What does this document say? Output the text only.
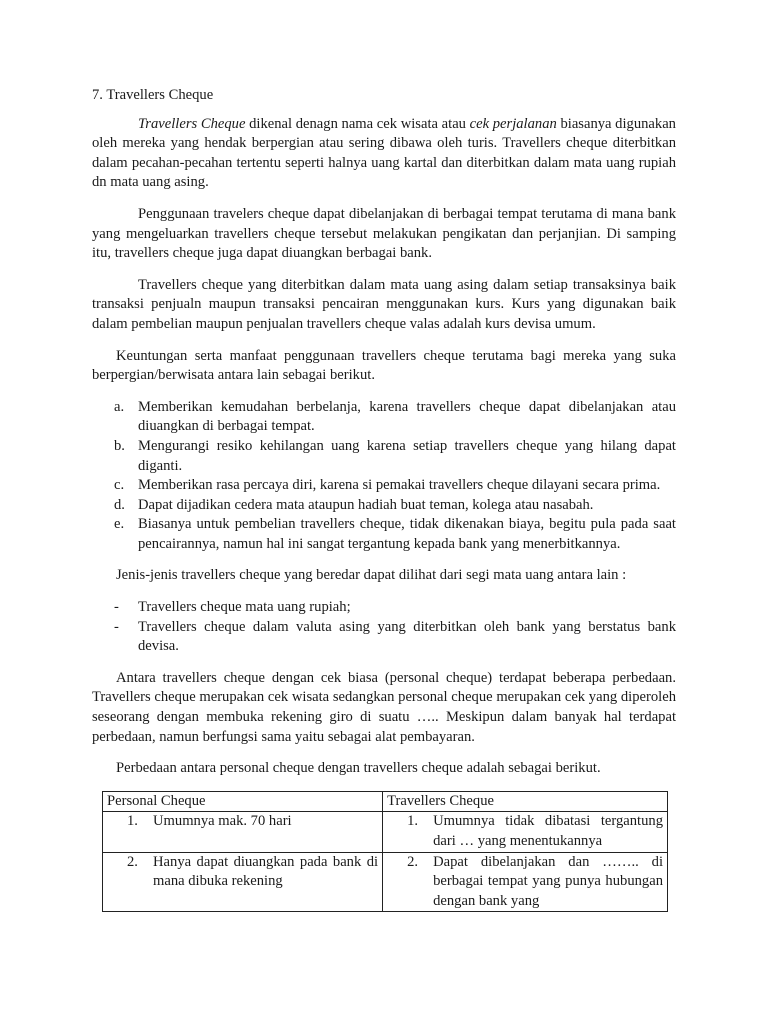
7. Travellers Cheque

Travellers Cheque dikenal denagn nama cek wisata atau cek perjalanan biasanya digunakan oleh mereka yang hendak berpergian atau sering dibawa oleh turis. Travellers cheque diterbitkan dalam pecahan-pecahan tertentu seperti halnya uang kartal dan diterbitkan dalam mata uang rupiah dn mata uang asing.

Penggunaan travelers cheque dapat dibelanjakan di berbagai tempat terutama di mana bank yang mengeluarkan travellers cheque tersebut melakukan pengikatan dan perjanjian. Di samping itu, travellers cheque juga dapat diuangkan berbagai bank.

Travellers cheque yang diterbitkan dalam mata uang asing dalam setiap transaksinya baik transaksi penjualn maupun transaksi pencairan menggunakan kurs. Kurs yang digunakan baik dalam pembelian maupun penjualan travellers cheque valas adalah kurs devisa umum.

Keuntungan serta manfaat penggunaan travellers cheque terutama bagi mereka yang suka berpergian/berwisata antara lain sebagai berikut.

a. Memberikan kemudahan berbelanja, karena travellers cheque dapat dibelanjakan atau diuangkan di berbagai tempat.
b. Mengurangi resiko kehilangan uang karena setiap travellers cheque yang hilang dapat diganti.
c. Memberikan rasa percaya diri, karena si pemakai travellers cheque dilayani secara prima.
d. Dapat dijadikan cedera mata ataupun hadiah buat teman, kolega atau nasabah.
e. Biasanya untuk pembelian travellers cheque, tidak dikenakan biaya, begitu pula pada saat pencairannya, namun hal ini sangat tergantung kepada bank yang menerbitkannya.

Jenis-jenis travellers cheque yang beredar dapat dilihat dari segi mata uang antara lain :

-	Travellers cheque mata uang rupiah;
-	Travellers cheque dalam valuta asing yang diterbitkan oleh bank yang berstatus bank devisa.

Antara travellers cheque dengan cek biasa (personal cheque) terdapat beberapa perbedaan. Travellers cheque merupakan cek wisata sedangkan personal cheque merupakan cek yang diperoleh seseorang dengan membuka rekening giro di suatu ….. Meskipun dalam banyak hal terdapat perbedaan, namun berfungsi sama yaitu sebagai alat pembayaran.

Perbedaan antara personal cheque dengan travellers cheque adalah sebagai berikut.

Personal Cheque	Travellers Cheque

1. Umumnya mak. 70 hari	1. Umumnya tidak dibatasi tergantung dari … yang menentukannya

2. Hanya dapat diuangkan pada bank di mana dibuka rekening	2. Dapat dibelanjakan dan …….. di berbagai tempat yang punya hubungan dengan bank yang
